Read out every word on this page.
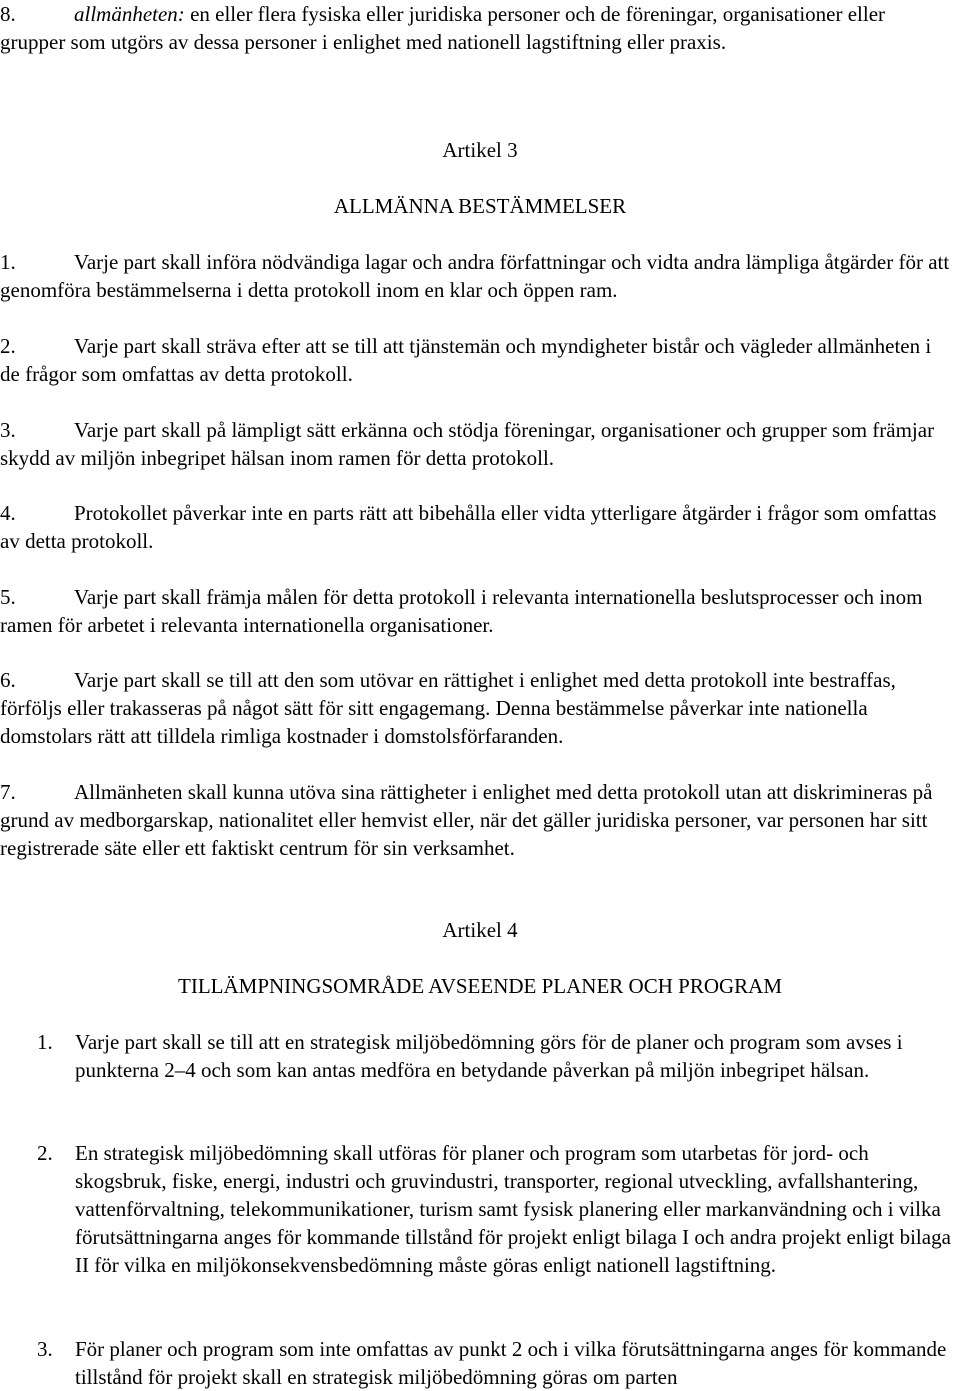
8.	allmänheten: en eller flera fysiska eller juridiska personer och de föreningar, organisationer eller grupper som utgörs av dessa personer i enlighet med nationell lagstiftning eller praxis.

Artikel 3

ALLMÄNNA BESTÄMMELSER

1.	Varje part skall införa nödvändiga lagar och andra författningar och vidta andra lämpliga åtgärder för att genomföra bestämmelserna i detta protokoll inom en klar och öppen ram.

2.	Varje part skall sträva efter att se till att tjänstemän och myndigheter bistår och vägleder allmänheten i de frågor som omfattas av detta protokoll.

3.	Varje part skall på lämpligt sätt erkänna och stödja föreningar, organisationer och grupper som främjar skydd av miljön inbegripet hälsan inom ramen för detta protokoll.

4.	Protokollet påverkar inte en parts rätt att bibehålla eller vidta ytterligare åtgärder i frågor som omfattas av detta protokoll.

5.	Varje part skall främja målen för detta protokoll i relevanta internationella beslutsprocesser och inom ramen för arbetet i relevanta internationella organisationer.

6.	Varje part skall se till att den som utövar en rättighet i enlighet med detta protokoll inte bestraffas, förföljs eller trakasseras på något sätt för sitt engagemang. Denna bestämmelse påverkar inte nationella domstolars rätt att tilldela rimliga kostnader i domstolsförfaranden.

7.	Allmänheten skall kunna utöva sina rättigheter i enlighet med detta protokoll utan att diskrimineras på grund av medborgarskap, nationalitet eller hemvist eller, när det gäller juridiska personer, var personen har sitt registrerade säte eller ett faktiskt centrum för sin verksamhet.

Artikel 4

TILLÄMPNINGSOMRÅDE AVSEENDE PLANER OCH PROGRAM

1. Varje part skall se till att en strategisk miljöbedömning görs för de planer och program som avses i punkterna 2–4 och som kan antas medföra en betydande påverkan på miljön inbegripet hälsan.
2. En strategisk miljöbedömning skall utföras för planer och program som utarbetas för jord- och skogsbruk, fiske, energi, industri och gruvindustri, transporter, regional utveckling, avfallshantering, vattenförvaltning, telekommunikationer, turism samt fysisk planering eller markanvändning och i vilka förutsättningarna anges för kommande tillstånd för projekt enligt bilaga I och andra projekt enligt bilaga II för vilka en miljökonsekvensbedömning måste göras enligt nationell lagstiftning.
3. För planer och program som inte omfattas av punkt 2 och i vilka förutsättningarna anges för kommande tillstånd för projekt skall en strategisk miljöbedömning göras om parten
